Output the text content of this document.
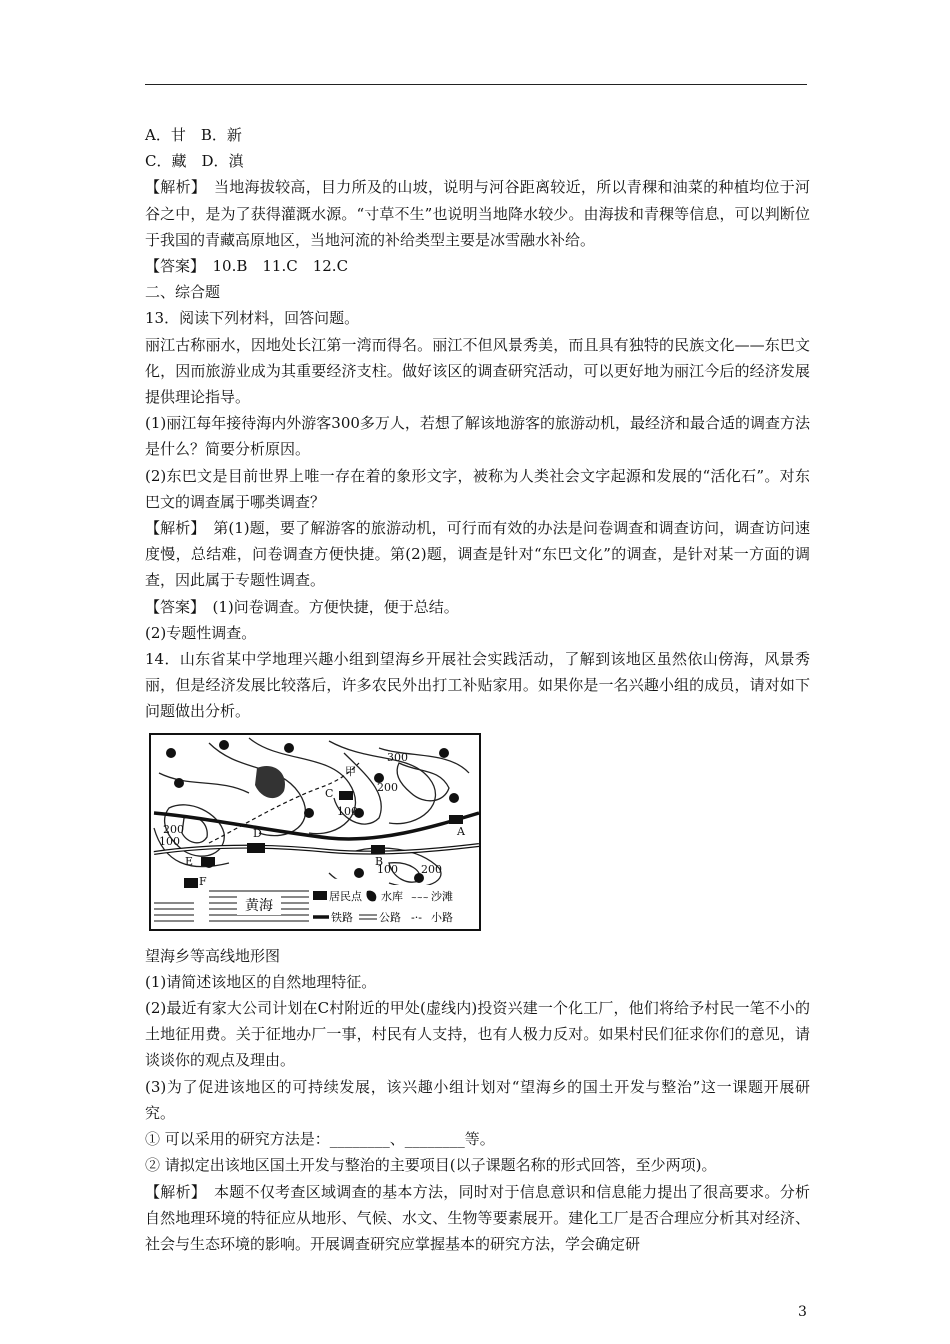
A．甘　B．新

C．藏　D．滇

【解析】　当地海拔较高，目力所及的山坡，说明与河谷距离较近，所以青稞和油菜的种植均位于河谷之中，是为了获得灌溉水源。“寸草不生”也说明当地降水较少。由海拔和青稞等信息，可以判断位于我国的青藏高原地区，当地河流的补给类型主要是冰雪融水补给。

【答案】　10.B　11.C　12.C

二、综合题

13．阅读下列材料，回答问题。

丽江古称丽水，因地处长江第一湾而得名。丽江不但风景秀美，而且具有独特的民族文化——东巴文化，因而旅游业成为其重要经济支柱。做好该区的调查研究活动，可以更好地为丽江今后的经济发展提供理论指导。

(1)丽江每年接待海内外游客300多万人，若想了解该地游客的旅游动机，最经济和最合适的调查方法是什么？简要分析原因。

(2)东巴文是目前世界上唯一存在着的象形文字，被称为人类社会文字起源和发展的“活化石”。对东巴文的调查属于哪类调查？

【解析】　第(1)题，要了解游客的旅游动机，可行而有效的办法是问卷调查和调查访问，调查访问速度慢，总结难，问卷调查方便快捷。第(2)题，调查是针对“东巴文化”的调查，是针对某一方面的调查，因此属于专题性调查。

【答案】　(1)问卷调查。方便快捷，便于总结。

(2)专题性调查。

14．山东省某中学地理兴趣小组到望海乡开展社会实践活动，了解到该地区虽然依山傍海，风景秀丽，但是经济发展比较落后，许多农民外出打工补贴家用。如果你是一名兴趣小组的成员，请对如下问题做出分析。

黄海
300
200
100
200
100
100 200
甲
C
A
B
D
E
F
居民点 水库 ~~~ 沙滩
铁路 公路 -·- 小路

望海乡等高线地形图

(1)请简述该地区的自然地理特征。

(2)最近有家大公司计划在C村附近的甲处(虚线内)投资兴建一个化工厂，他们将给予村民一笔不小的土地征用费。关于征地办厂一事，村民有人支持，也有人极力反对。如果村民们征求你们的意见，请谈谈你的观点及理由。

(3)为了促进该地区的可持续发展，该兴趣小组计划对“望海乡的国土开发与整治”这一课题开展研究。

① 可以采用的研究方法是：________、________等。

② 请拟定出该地区国土开发与整治的主要项目(以子课题名称的形式回答，至少两项)。

【解析】　本题不仅考查区域调查的基本方法，同时对于信息意识和信息能力提出了很高要求。分析自然地理环境的特征应从地形、气候、水文、生物等要素展开。建化工厂是否合理应分析其对经济、社会与生态环境的影响。开展调查研究应掌握基本的研究方法，学会确定研

3
